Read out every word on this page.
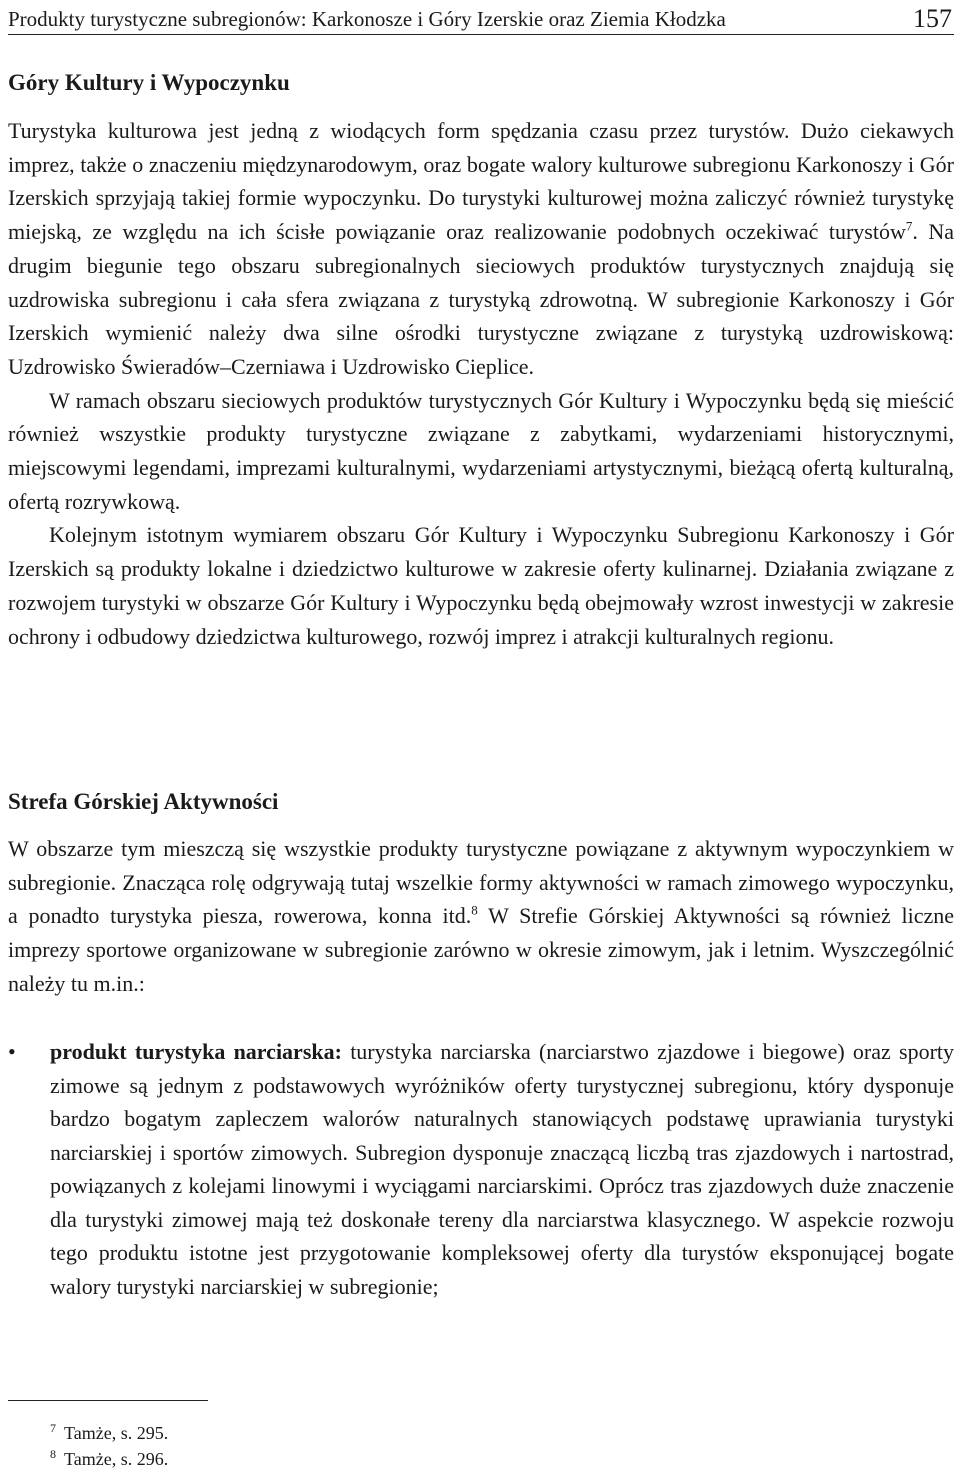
Produkty turystyczne subregionów: Karkonosze i Góry Izerskie oraz Ziemia Kłodzka	157
Góry Kultury i Wypoczynku

Turystyka kulturowa jest jedną z wiodących form spędzania czasu przez turystów. Dużo ciekawych imprez, także o znaczeniu międzynarodowym, oraz bogate walory kulturowe subregionu Karkonoszy i Gór Izerskich sprzyjają takiej formie wypoczynku. Do turystyki kulturowej można zaliczyć również turystykę miejską, ze względu na ich ścisłe powiązanie oraz realizowanie podobnych oczekiwać turystów$^7$. Na drugim biegunie tego obszaru subregionalnych sieciowych produktów turystycznych znajdują się uzdrowiska subregionu i cała sfera związana z turystyką zdrowotną. W subregionie Karkonoszy i Gór Izerskich wymienić należy dwa silne ośrodki turystyczne związane z turystyką uzdrowiskową: Uzdrowisko Świeradów–Czerniawa i Uzdrowisko Cieplice.

W ramach obszaru sieciowych produktów turystycznych Gór Kultury i Wypoczynku będą się mieścić również wszystkie produkty turystyczne związane z zabytkami, wydarzeniami historycznymi, miejscowymi legendami, imprezami kulturalnymi, wydarzeniami artystycznymi, bieżącą ofertą kulturalną, ofertą rozrywkową.

Kolejnym istotnym wymiarem obszaru Gór Kultury i Wypoczynku Subregionu Karkonoszy i Gór Izerskich są produkty lokalne i dziedzictwo kulturowe w zakresie oferty kulinarnej. Działania związane z rozwojem turystyki w obszarze Gór Kultury i Wypoczynku będą obejmowały wzrost inwestycji w zakresie ochrony i odbudowy dziedzictwa kulturowego, rozwój imprez i atrakcji kulturalnych regionu.

Strefa Górskiej Aktywności

W obszarze tym mieszczą się wszystkie produkty turystyczne powiązane z aktywnym wypoczynkiem w subregionie. Znacząca rolę odgrywają tutaj wszelkie formy aktywności w ramach zimowego wypoczynku, a ponadto turystyka piesza, rowerowa, konna itd.$^8$ W Strefie Górskiej Aktywności są również liczne imprezy sportowe organizowane w subregionie zarówno w okresie zimowym, jak i letnim. Wyszczególnić należy tu m.in.:

• produkt turystyka narciarska: turystyka narciarska (narciarstwo zjazdowe i biegowe) oraz sporty zimowe są jednym z podstawowych wyróżników oferty turystycznej subregionu, który dysponuje bardzo bogatym zapleczem walorów naturalnych stanowiących podstawę uprawiania turystyki narciarskiej i sportów zimowych. Subregion dysponuje znaczącą liczbą tras zjazdowych i nartostrad, powiązanych z kolejami linowymi i wyciągami narciarskimi. Oprócz tras zjazdowych duże znaczenie dla turystyki zimowej mają też doskonałe tereny dla narciarstwa klasycznego. W aspekcie rozwoju tego produktu istotne jest przygotowanie kompleksowej oferty dla turystów eksponującej bogate walory turystyki narciarskiej w subregionie;
$^7$ Tamże, s. 295.
$^8$ Tamże, s. 296.
